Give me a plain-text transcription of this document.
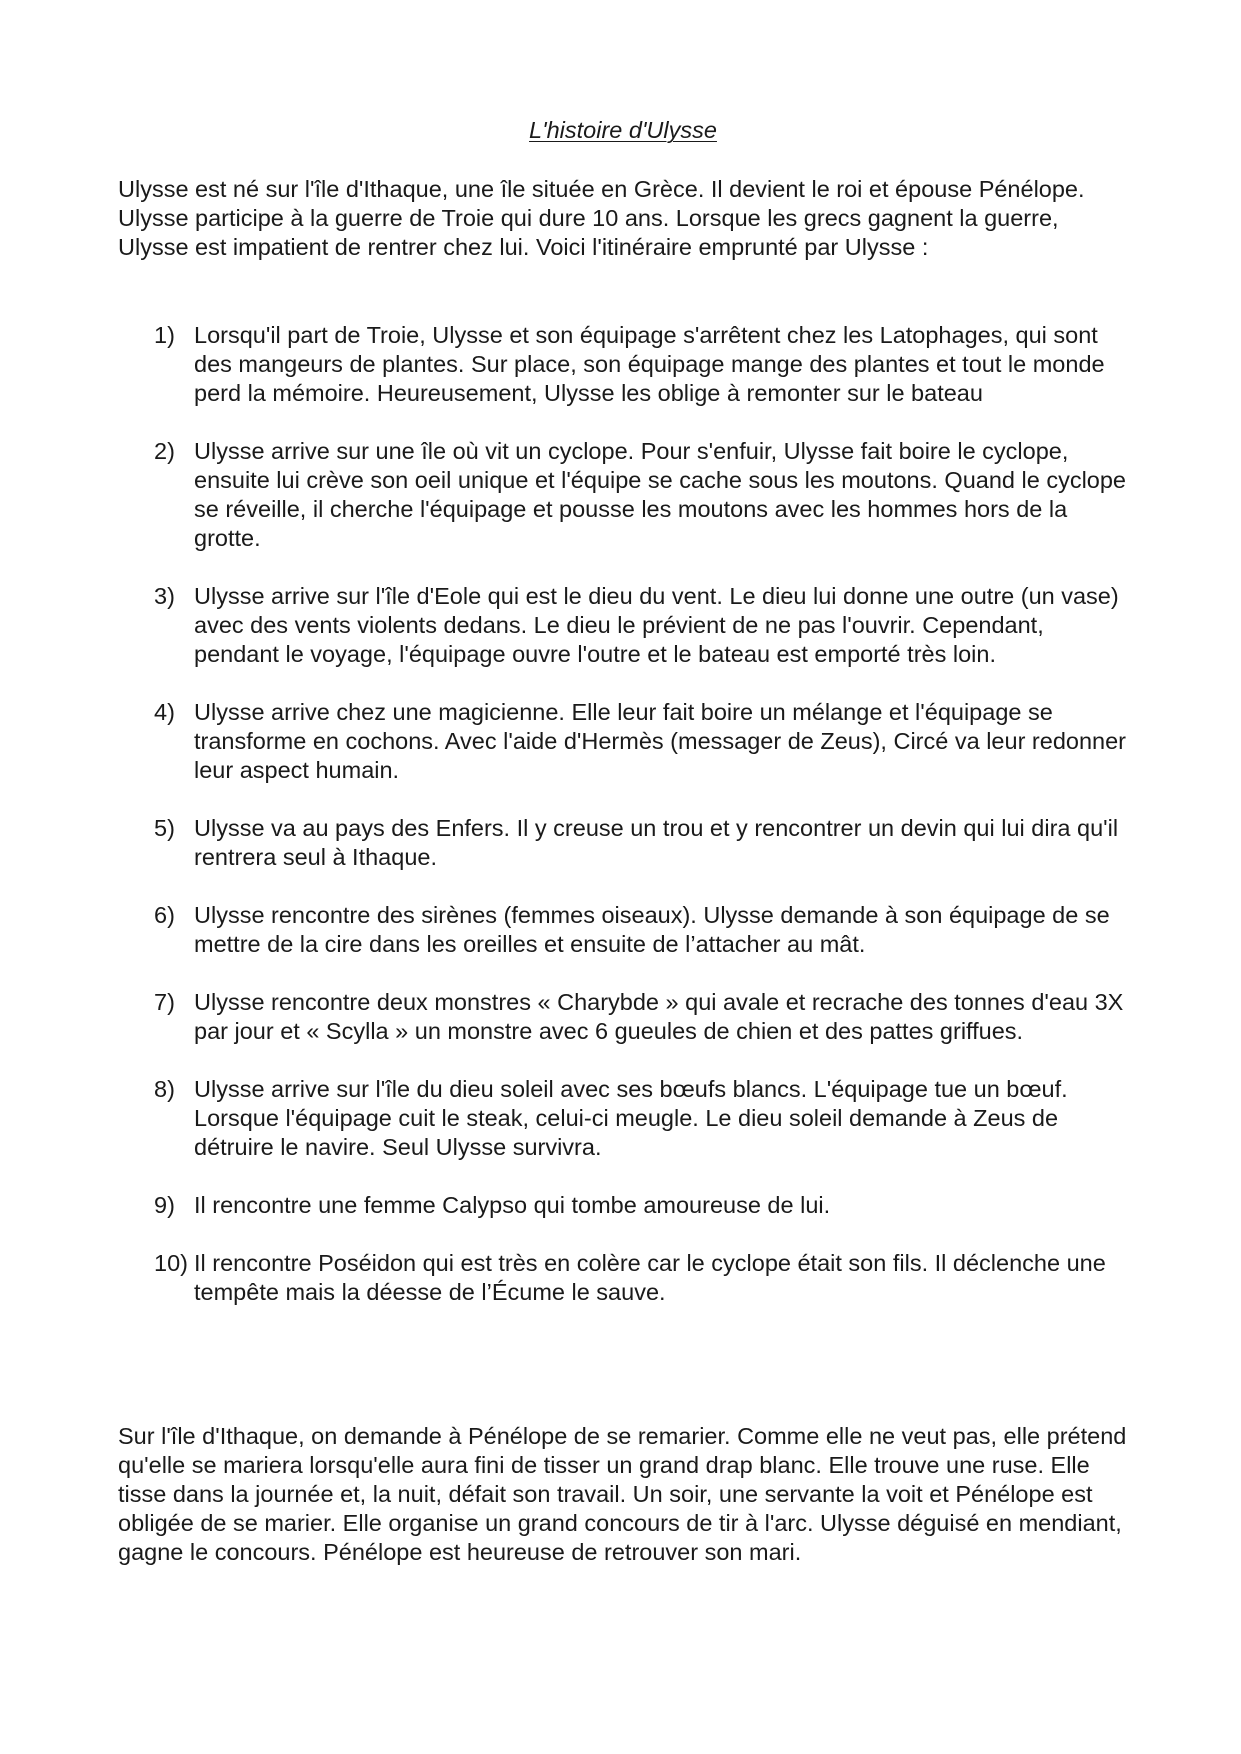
L'histoire d'Ulysse

Ulysse est né sur l'île d'Ithaque, une île située en Grèce. Il devient le roi et épouse Pénélope.

Ulysse participe à la guerre de Troie qui dure 10 ans. Lorsque les grecs gagnent la guerre, Ulysse est impatient de rentrer chez lui. Voici l'itinéraire emprunté par Ulysse :

1) Lorsqu'il part de Troie, Ulysse et son équipage s'arrêtent chez les Latophages, qui sont des mangeurs de plantes. Sur place, son équipage mange des plantes et tout le monde perd la mémoire. Heureusement, Ulysse les oblige à remonter sur le bateau
2) Ulysse arrive sur une île où vit un cyclope. Pour s'enfuir, Ulysse fait boire le cyclope, ensuite lui crève son oeil unique et l'équipe se cache sous les moutons. Quand le cyclope se réveille, il cherche l'équipage et pousse les moutons avec les hommes hors de la grotte.
3) Ulysse arrive sur l'île d'Eole qui est le dieu du vent. Le dieu lui donne une outre (un vase) avec des vents violents dedans. Le dieu le prévient de ne pas l'ouvrir. Cependant, pendant le voyage, l'équipage ouvre l'outre et le bateau est emporté très loin.
4) Ulysse arrive chez une magicienne. Elle leur fait boire un mélange et l'équipage se transforme en cochons. Avec l'aide d'Hermès (messager de Zeus), Circé va leur redonner leur aspect humain.
5) Ulysse va au pays des Enfers. Il y creuse un trou et y rencontrer un devin qui lui dira qu'il rentrera seul à Ithaque.
6) Ulysse rencontre des sirènes (femmes oiseaux). Ulysse demande à son équipage de se mettre de la cire dans les oreilles et ensuite de l’attacher au mât.
7) Ulysse rencontre deux monstres « Charybde » qui avale et recrache des tonnes d'eau 3X par jour et « Scylla » un monstre avec 6 gueules de chien et des pattes griffues.
8) Ulysse arrive sur l'île du dieu soleil avec ses bœufs blancs. L'équipage tue un bœuf. Lorsque l'équipage cuit le steak, celui-ci meugle. Le dieu soleil demande à Zeus de détruire le navire. Seul Ulysse survivra.
9) Il rencontre une femme Calypso qui tombe amoureuse de lui.
10) Il rencontre Poséidon qui est très en colère car le cyclope était son fils. Il déclenche une tempête mais la déesse de l’Écume le sauve.

Sur l'île d'Ithaque, on demande à Pénélope de se remarier. Comme elle ne veut pas, elle prétend qu'elle se mariera lorsqu'elle aura fini de tisser un grand drap blanc. Elle trouve une ruse. Elle tisse dans la journée et, la nuit, défait son travail. Un soir, une servante la voit et Pénélope est obligée de se marier. Elle organise un grand concours de tir à l'arc. Ulysse déguisé en mendiant, gagne le concours. Pénélope est heureuse de retrouver son mari.
